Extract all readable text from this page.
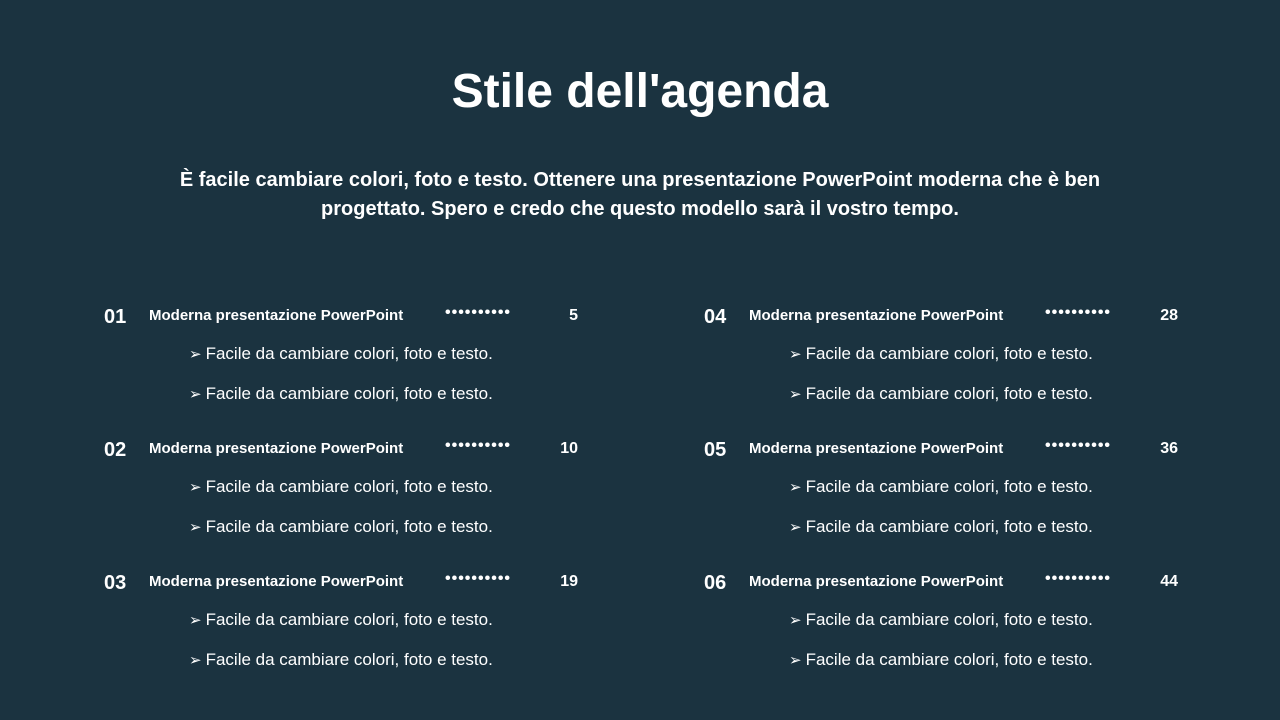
Stile dell'agenda

È facile cambiare colori, foto e testo. Ottenere una presentazione PowerPoint moderna che è ben progettato. Spero e credo che questo modello sarà il vostro tempo.

01 Moderna presentazione PowerPoint	••••••••••	5
➢ Facile da cambiare colori, foto e testo.
➢ Facile da cambiare colori, foto e testo.
02 Moderna presentazione PowerPoint	••••••••••	10
➢ Facile da cambiare colori, foto e testo.
➢ Facile da cambiare colori, foto e testo.
03 Moderna presentazione PowerPoint	••••••••••	19
➢ Facile da cambiare colori, foto e testo.
➢ Facile da cambiare colori, foto e testo.
04 Moderna presentazione PowerPoint	••••••••••	28
➢ Facile da cambiare colori, foto e testo.
➢ Facile da cambiare colori, foto e testo.
05 Moderna presentazione PowerPoint	••••••••••	36
➢ Facile da cambiare colori, foto e testo.
➢ Facile da cambiare colori, foto e testo.
06 Moderna presentazione PowerPoint	••••••••••	44
➢ Facile da cambiare colori, foto e testo.
➢ Facile da cambiare colori, foto e testo.
